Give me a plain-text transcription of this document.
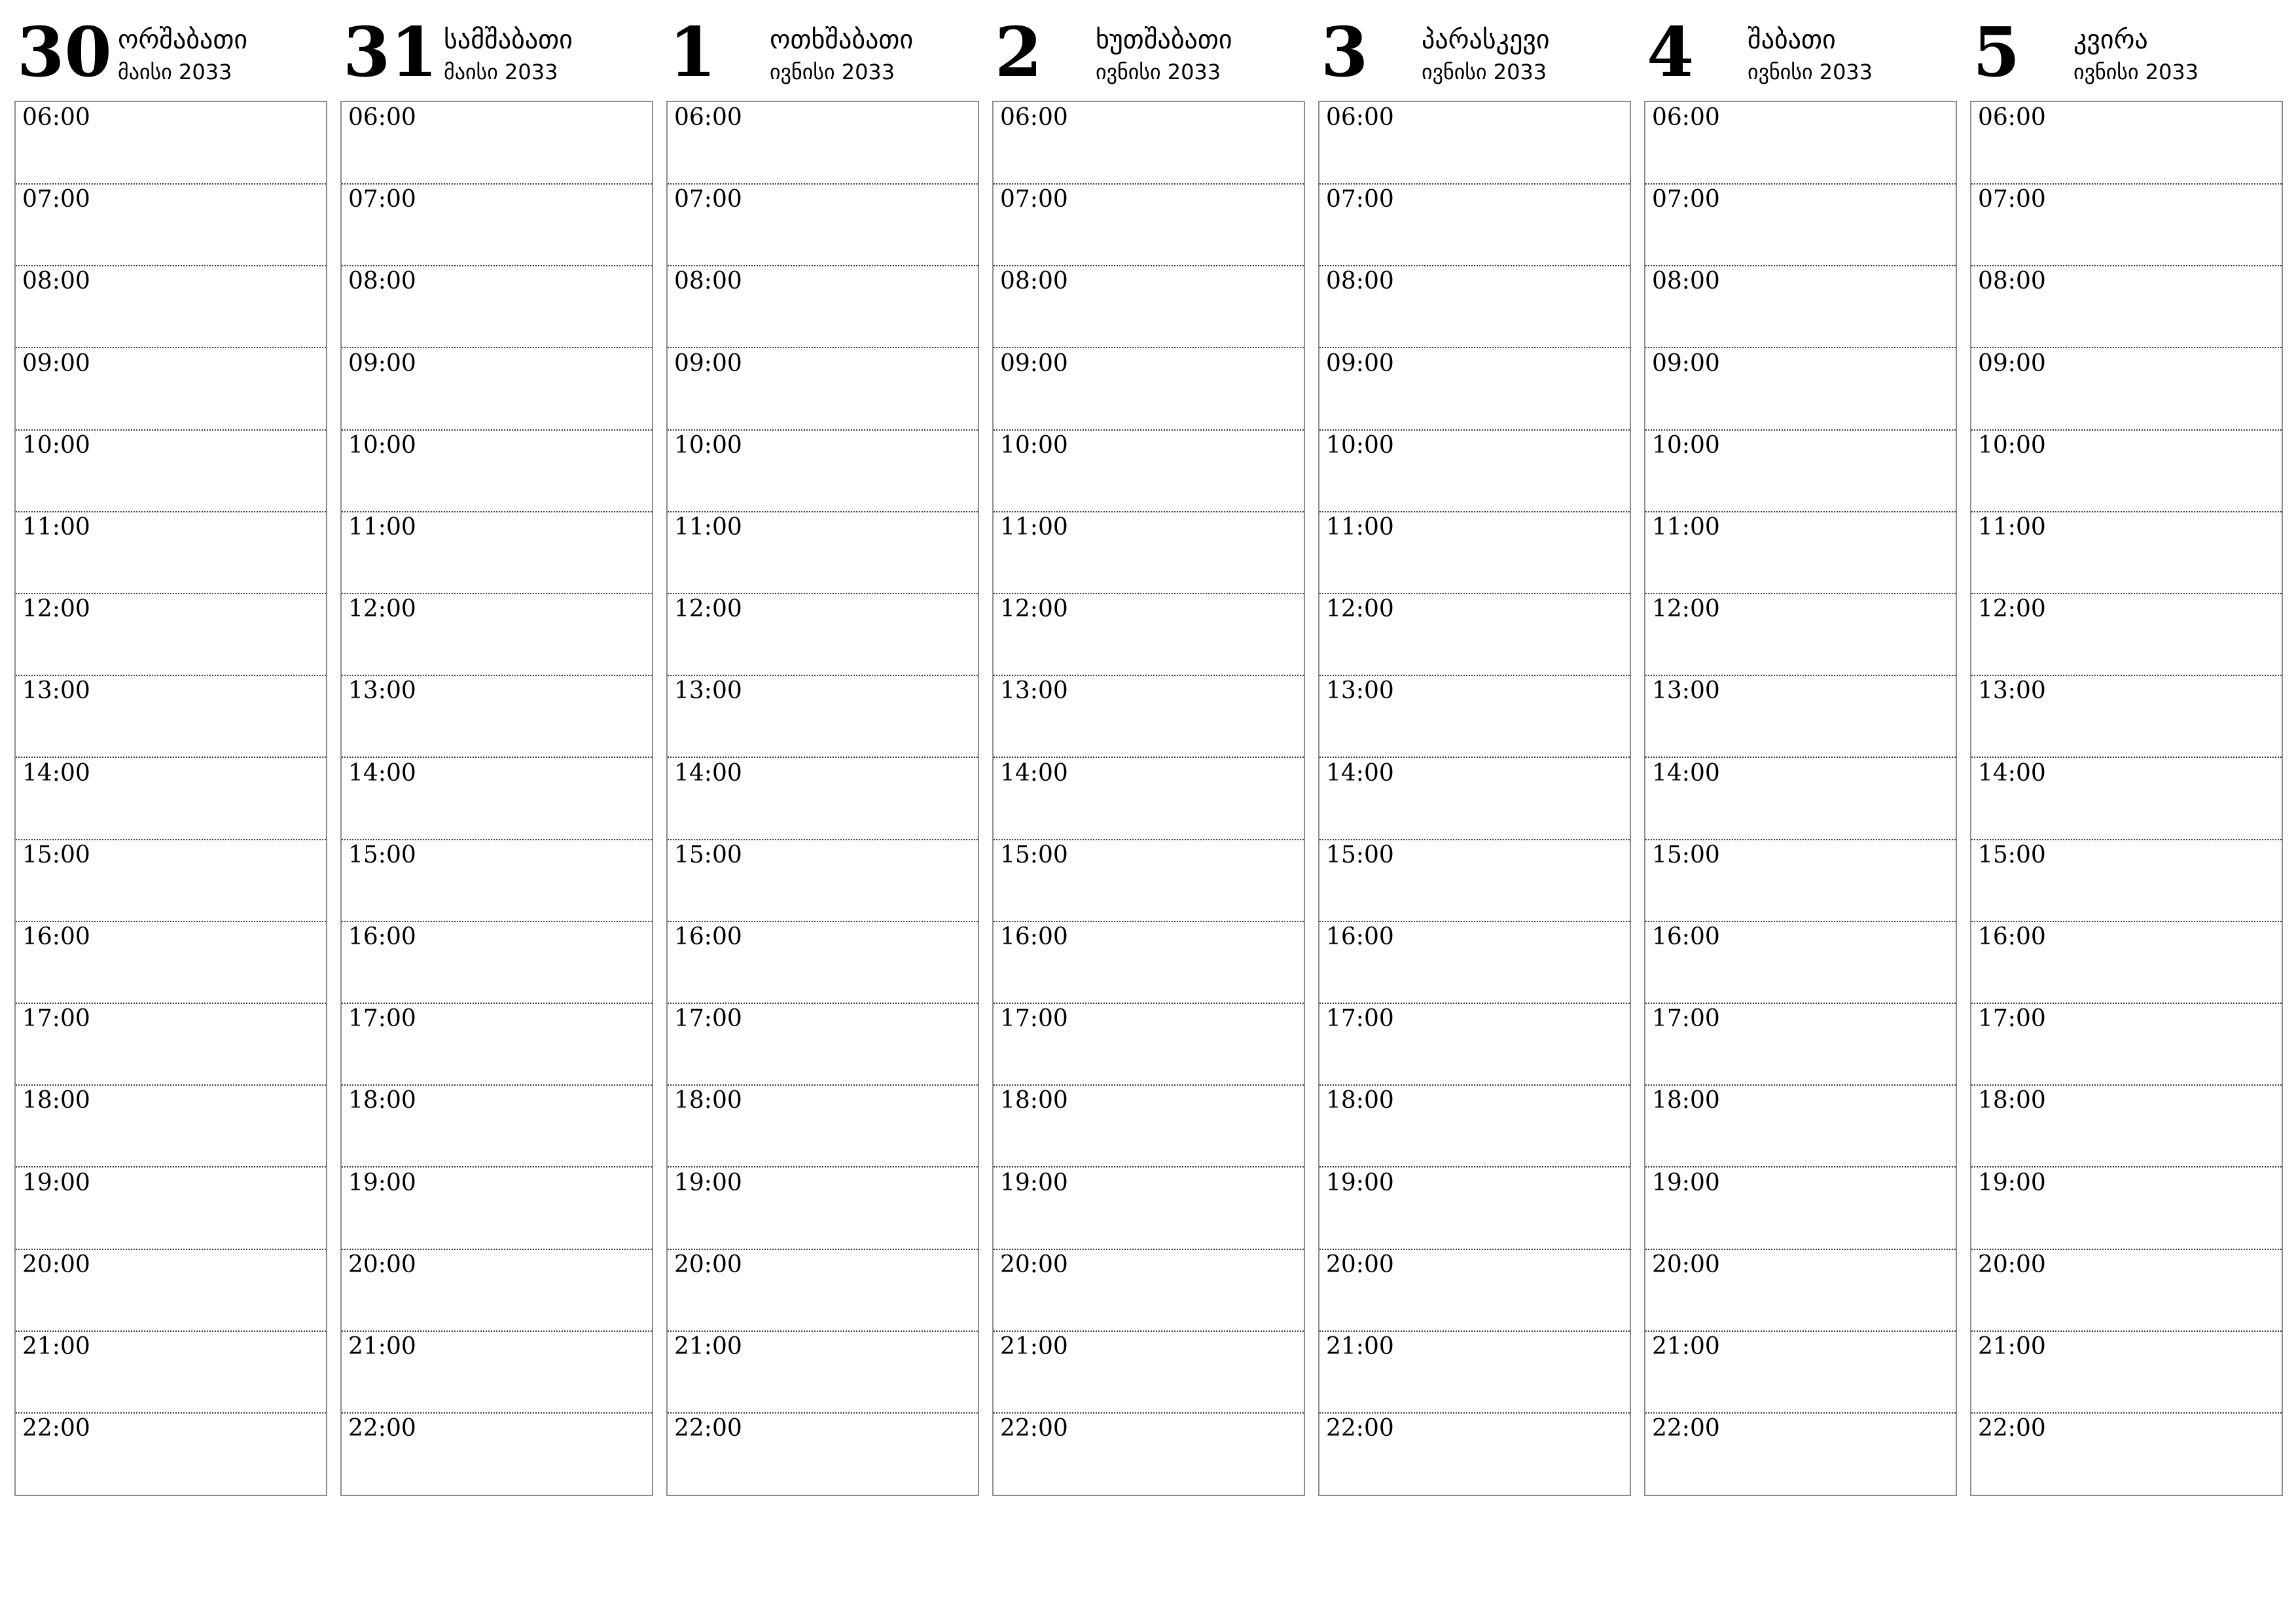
30 ორშაბათი
მაისი 2033
06:00
07:00
08:00
09:00
10:00
11:00
12:00
13:00
14:00
15:00
16:00
17:00
18:00
19:00
20:00
21:00
22:00
31 სამშაბათი
მაისი 2033
06:00
07:00
08:00
09:00
10:00
11:00
12:00
13:00
14:00
15:00
16:00
17:00
18:00
19:00
20:00
21:00
22:00
1 ოთხშაბათი
ივნისი 2033
06:00
07:00
08:00
09:00
10:00
11:00
12:00
13:00
14:00
15:00
16:00
17:00
18:00
19:00
20:00
21:00
22:00
2 ხუთშაბათი
ივნისი 2033
06:00
07:00
08:00
09:00
10:00
11:00
12:00
13:00
14:00
15:00
16:00
17:00
18:00
19:00
20:00
21:00
22:00
3 პარასკევი
ივნისი 2033
06:00
07:00
08:00
09:00
10:00
11:00
12:00
13:00
14:00
15:00
16:00
17:00
18:00
19:00
20:00
21:00
22:00
4 შაბათი
ივნისი 2033
06:00
07:00
08:00
09:00
10:00
11:00
12:00
13:00
14:00
15:00
16:00
17:00
18:00
19:00
20:00
21:00
22:00
5 კვირა
ივნისი 2033
06:00
07:00
08:00
09:00
10:00
11:00
12:00
13:00
14:00
15:00
16:00
17:00
18:00
19:00
20:00
21:00
22:00
